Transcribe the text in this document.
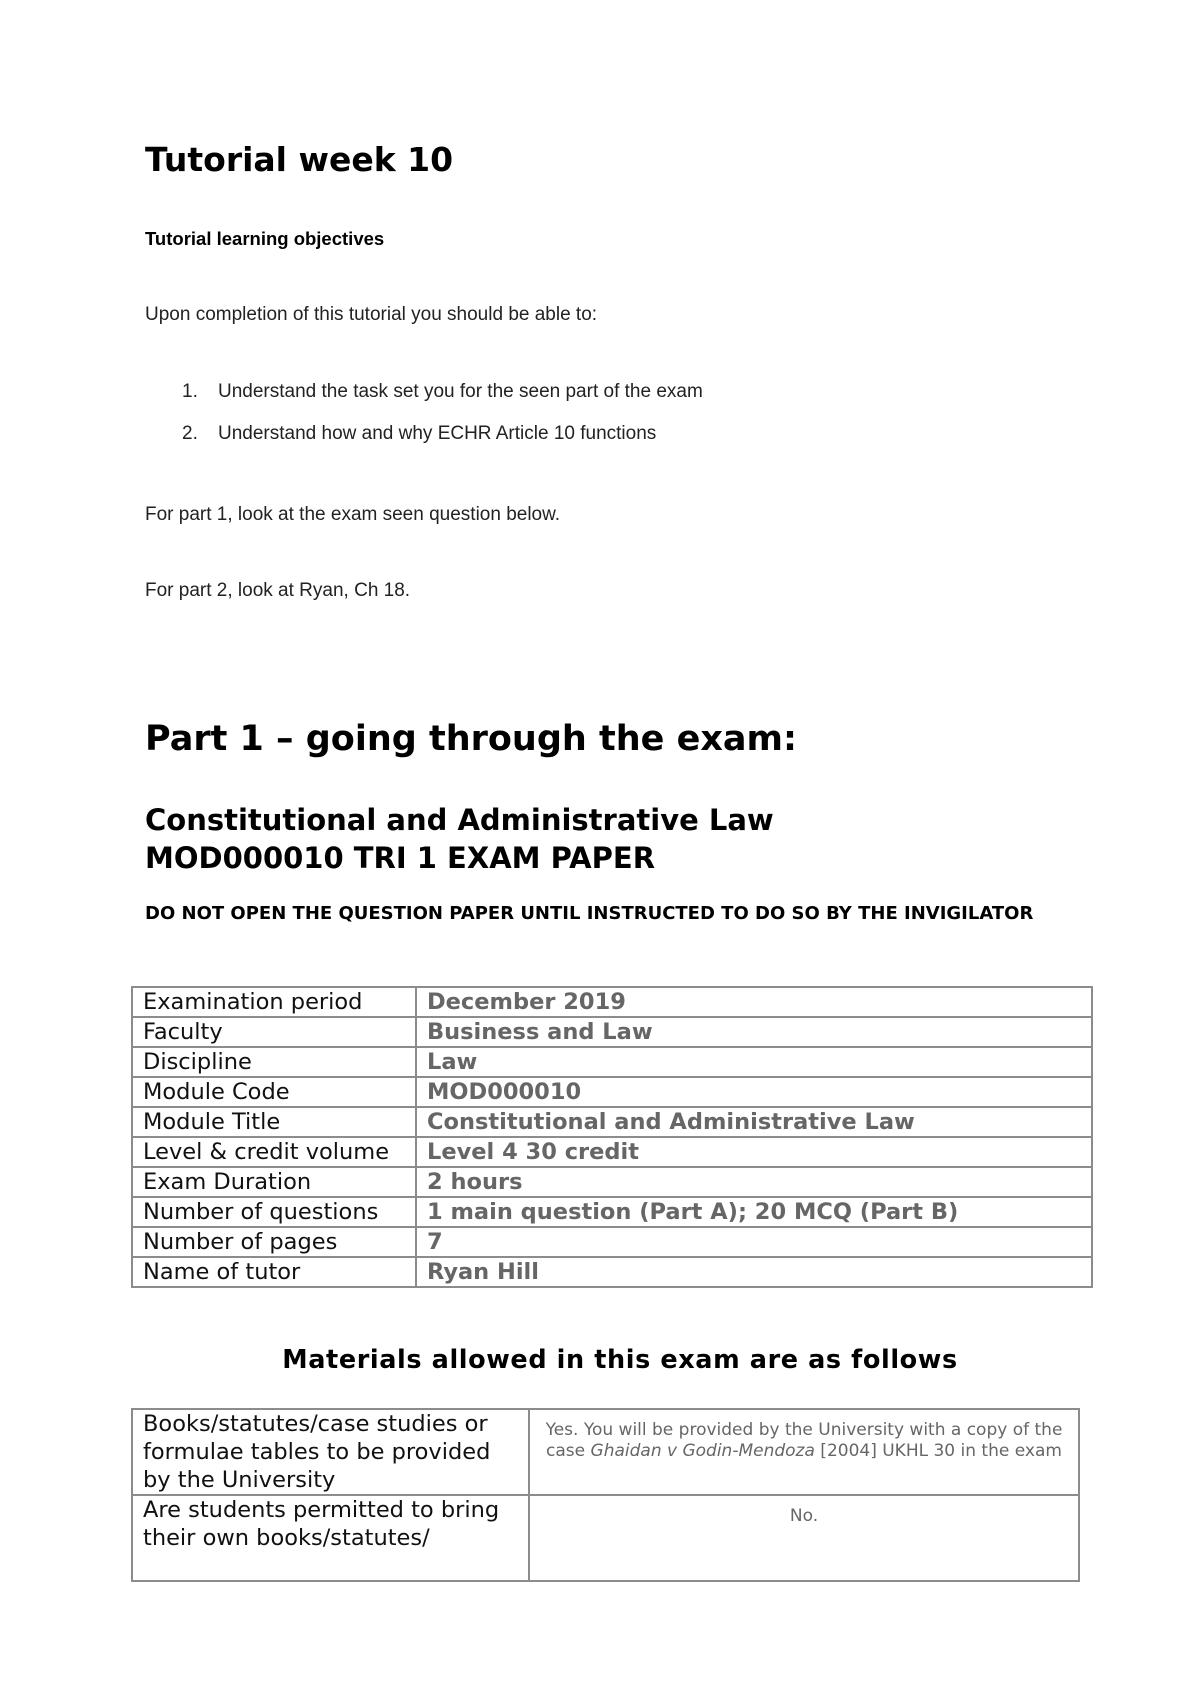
Tutorial week 10
Tutorial learning objectives
Upon completion of this tutorial you should be able to:
1. Understand the task set you for the seen part of the exam
2. Understand how and why ECHR Article 10 functions
For part 1, look at the exam seen question below.
For part 2, look at Ryan, Ch 18.
Part 1 – going through the exam:
Constitutional and Administrative Law
MOD000010 TRI 1 EXAM PAPER
DO NOT OPEN THE QUESTION PAPER UNTIL INSTRUCTED TO DO SO BY THE INVIGILATOR
Examination period	December 2019
Faculty	Business and Law
Discipline	Law
Module Code	MOD000010
Module Title	Constitutional and Administrative Law
Level & credit volume	Level 4 30 credit
Exam Duration	2 hours
Number of questions	1 main question (Part A); 20 MCQ (Part B)
Number of pages	7
Name of tutor	Ryan Hill
Materials allowed in this exam are as follows
Books/statutes/case studies or formulae tables to be provided by the University	Yes. You will be provided by the University with a copy of the case Ghaidan v Godin-Mendoza [2004] UKHL 30 in the exam
Are students permitted to bring their own books/statutes/	No.
